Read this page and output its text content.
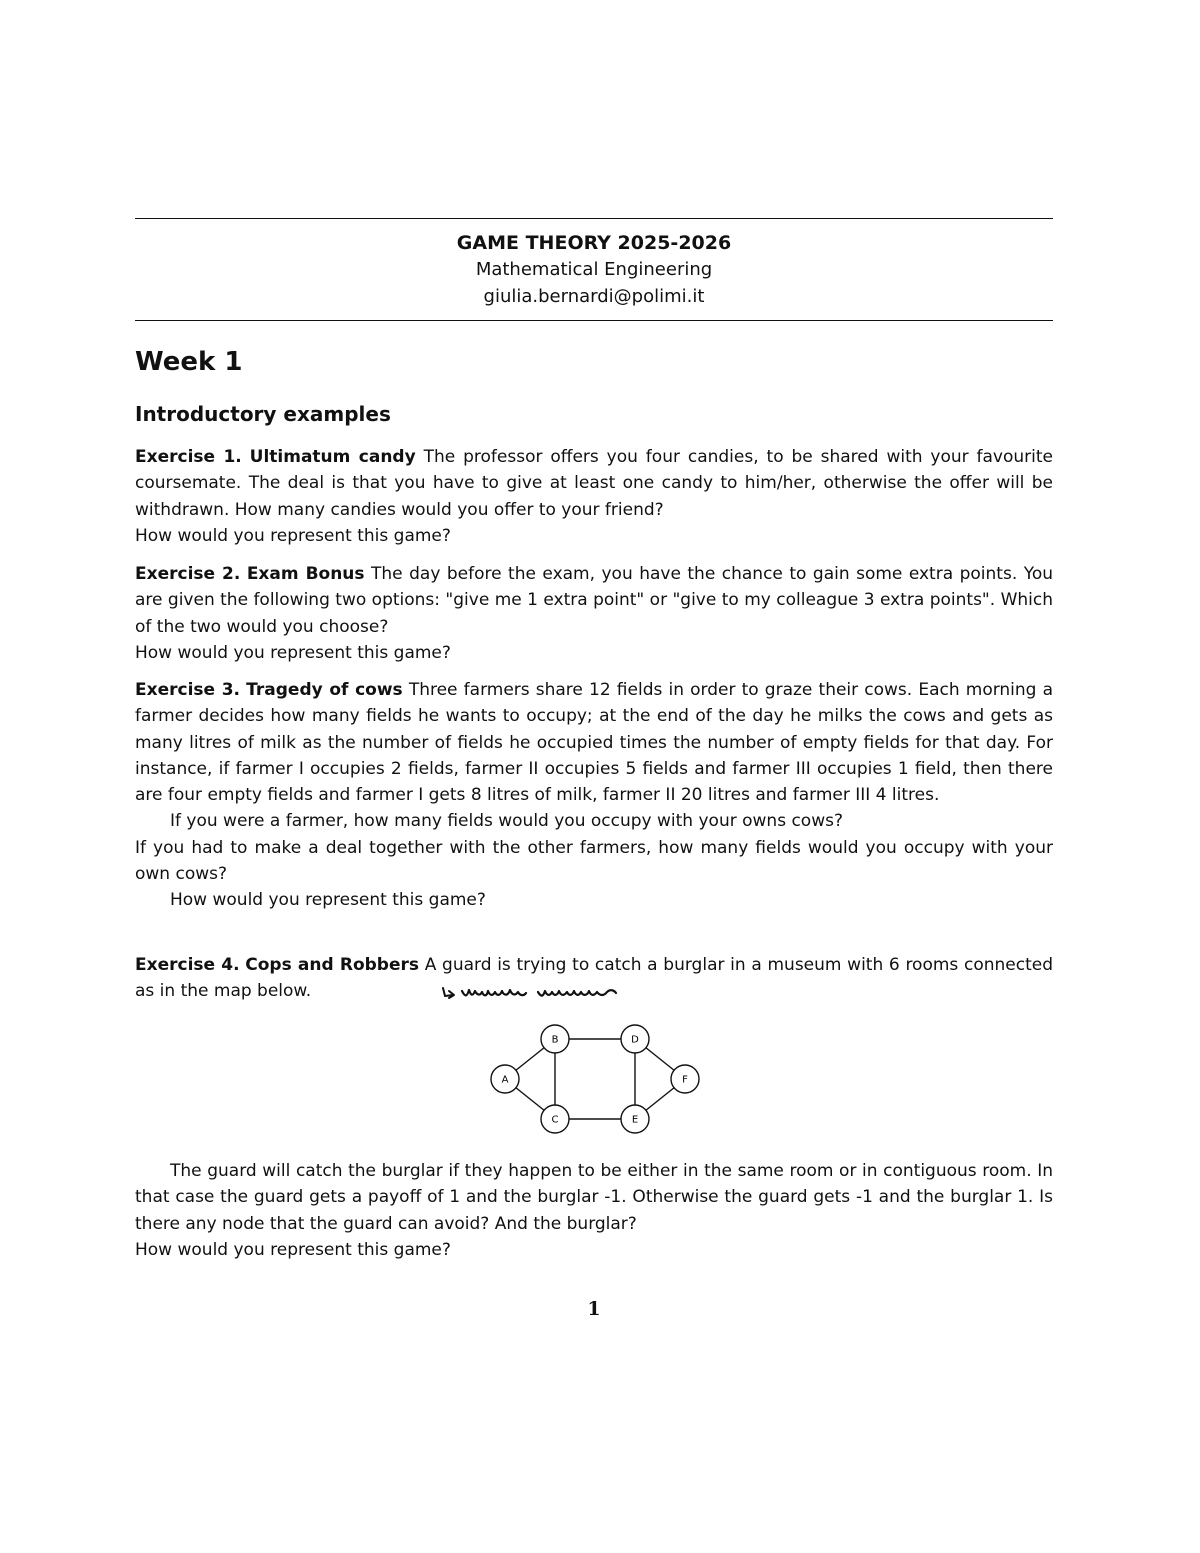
GAME THEORY 2025-2026
Mathematical Engineering
giulia.bernardi@polimi.it
Week 1
Introductory examples
Exercise 1. Ultimatum candy The professor offers you four candies, to be shared with your favourite coursemate. The deal is that you have to give at least one candy to him/her, otherwise the offer will be withdrawn. How many candies would you offer to your friend?
How would you represent this game?
Exercise 2. Exam Bonus The day before the exam, you have the chance to gain some extra points. You are given the following two options: "give me 1 extra point" or "give to my colleague 3 extra points". Which of the two would you choose?
How would you represent this game?
Exercise 3. Tragedy of cows Three farmers share 12 fields in order to graze their cows. Each morning a farmer decides how many fields he wants to occupy; at the end of the day he milks the cows and gets as many litres of milk as the number of fields he occupied times the number of empty fields for that day. For instance, if farmer I occupies 2 fields, farmer II occupies 5 fields and farmer III occupies 1 field, then there are four empty fields and farmer I gets 8 litres of milk, farmer II 20 litres and farmer III 4 litres.
If you were a farmer, how many fields would you occupy with your owns cows?
If you had to make a deal together with the other farmers, how many fields would you occupy with your own cows?
How would you represent this game?
Exercise 4. Cops and Robbers A guard is trying to catch a burglar in a museum with 6 rooms connected as in the map below.
A
B
C
D
E
F
The guard will catch the burglar if they happen to be either in the same room or in contiguous room. In that case the guard gets a payoff of 1 and the burglar -1. Otherwise the guard gets -1 and the burglar 1. Is there any node that the guard can avoid? And the burglar?
How would you represent this game?
1
